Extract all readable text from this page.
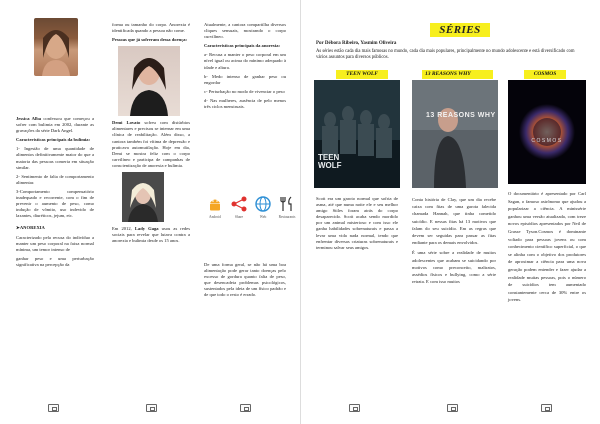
Jessica Alba confessou que começou a sofrer com bulimia em 2002, durante as gravações da série Dark Angel.

Caracteristicas principais da bulimia:

1- Ingestão de uma quantidade de alimentos definitivamente maior do que a maioria das pessoas comeria em situação similar.

2- Sentimento de falta de comportamento alimentar.

3-Comportamento compensatório inadequado e recorrente, com o fim de prevenir o aumento de peso, como indução de vômito, uso indevido de laxantes, diuréticos, jejum, etc.

➤ANOREXIA

Caracterizado pela recusa do indivíduo a manter um peso corporal na faixa normal mínima, um temor intenso de

ganhar peso e uma perturbação significativa na percepção da

forma ou tamanho do corpo. Anorexia é identificada quando a pessoa não come.

Pessoas que já sofreram dessa doença:

Demi Lovato sofreu com distúrbios alimentares e precisou se internar em uma clínica de reabilitação. Além disso, a cantora também foi vítima de depressão e praticava automutilação. Hoje em dia, Demi se mostra feliz com o corpo carvilíneo e participa de campanhas de conscientização de anorexia e bulimia.

Em 2012, Lady Gaga usou as redes sociais para revelar que lutava contra a anorexia e bulimia desde os 15 anos.

Atualmente, a cantora compartilha diversos cliques sensuais, mostrando o corpo curvilíneo.

Características principais da anorexia:

a- Recusa a manter o peso corporal em um nível igual ou acima do mínimo adequado à idade e altura.

b- Medo intenso de ganhar peso ou engordar

c- Perturbação no modo de vivenciar o peso

d- Nas mulheres, ausência de pelo menos três ciclos menstruais.

Android	Share	Web	Restaurants

De uma forma geral, se não há uma boa alimentação pode gerar tanto doenças pelo excesso de gordura quanto falta de peso, que desencadeia problemas psicológicos, sustentados pela ideia de um físico padrão e de que todo o resto é errado.

SÉRIES
Por Débora Ribeiro, Yasmim Oliveira
As séries estão cada dia mais famosas no mundo, cada dia mais populares, principalmente no mundo adolescente e está diversificado com vários assuntos para diversos públicos.
TEEN WOLF	13 REASONS WHY	COSMOS
TEEN WOLF
13 REASONS WHY
COSMOS

Scott era um garoto normal que sofria de asma, até que numa noite ele e seu melhor amigo Stiles foram atrás do corpo desaparecido. Scott acaba sendo mordido por um animal misterioso e com isso ele ganha habilidades sobrenaturais e passa a levar uma vida nada normal, tendo que enfrentar diversas criaturas sobrenaturais e terminou salvar seus amigos.

Conta história de Clay, que um dia recebe caixa com fitas de uma garota falecida chamada Hannah, que tinha cometido suicídio. E nessas fitas há 13 motivos que falam do seu suicídio. Em as regras que devem ser seguidas para passar as fitas endiante para os demais envolvidos.

É uma série sobre a realidade de muitos adolescentes que acabam se suicidando por motivos como preconceito, maltratos, assédios físicos e bullying, como a série retrata. E com isso muitos

O documentário é apresentado por Carl Sagan, o famoso astrônomo que ajudou a popularizar a ciência. A minissérie ganhou uma versão atualizada, com treze novos episódios apresentados por Neil de Grasse Tyson.Cosmos é dominante voltado para pessoas jovens ou com conhecimento científico superficial, o que se alinha com o objetivo dos produtores de aproximar a ciência para uma nova geração podem entender e fazer ajudar a realidade muitas pessoas, pois o número de suicídios tem aumentado constantemente cerca de 30% entre os jovens.
